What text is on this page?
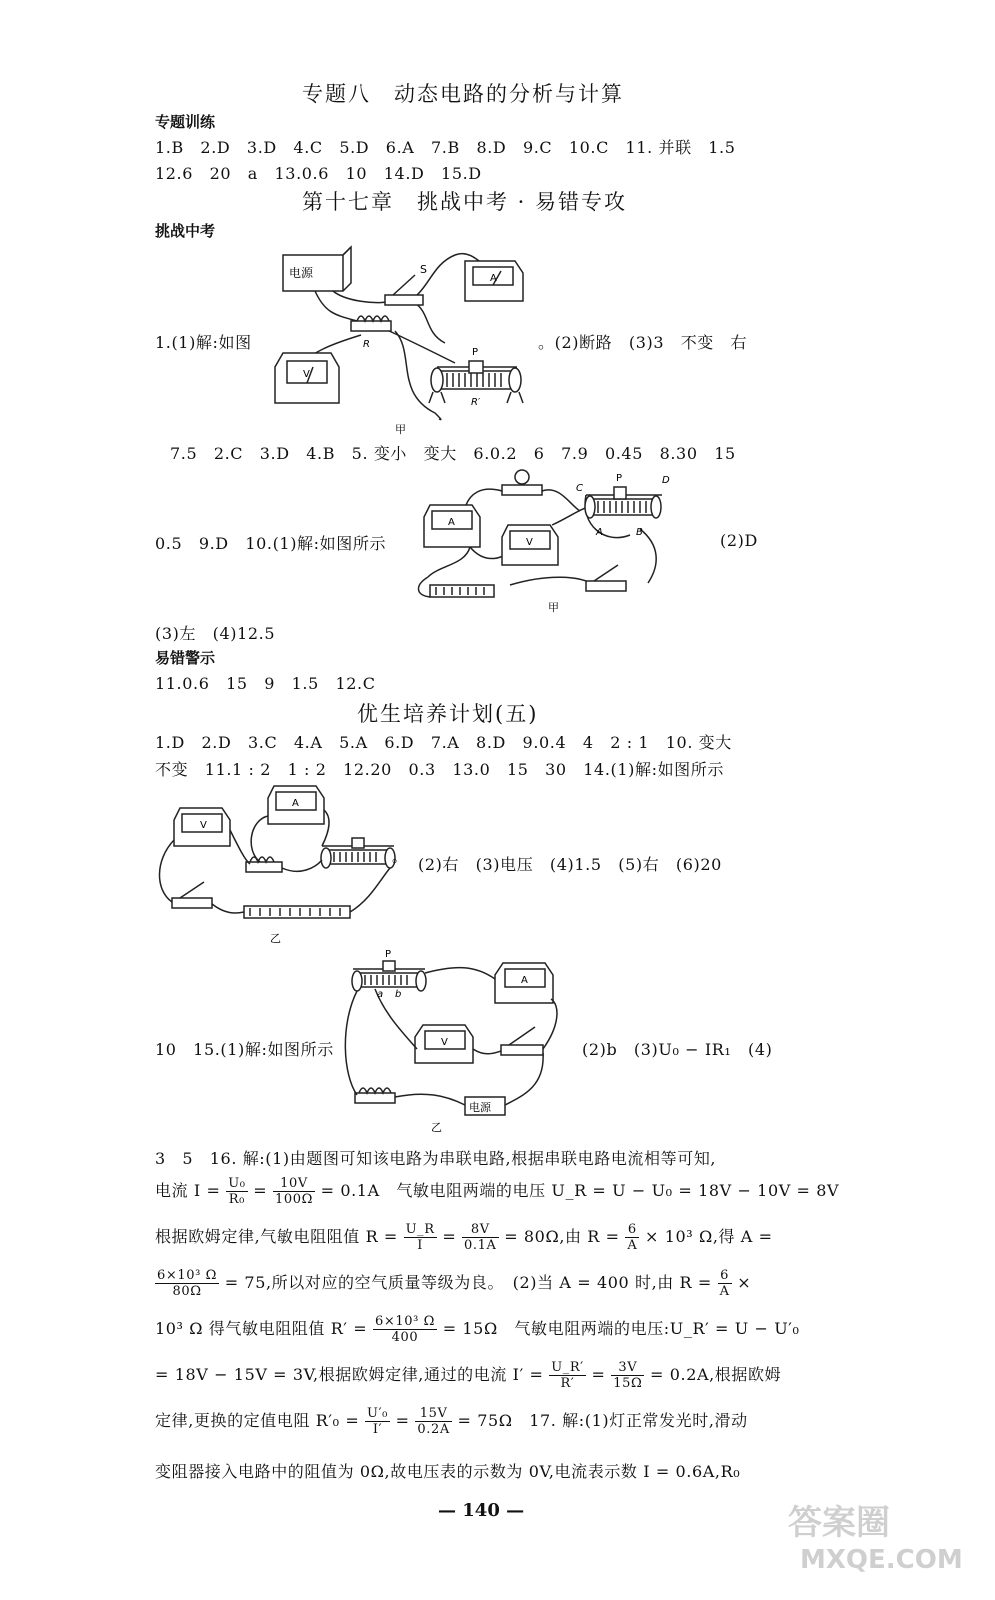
专题八　动态电路的分析与计算
专题训练
1.B　2.D　3.D　4.C　5.D　6.A　7.B　8.D　9.C　10.C　11. 并联　1.5
12.6　20　a　13.0.6　10　14.D　15.D
第十七章　挑战中考 · 易错专攻
挑战中考
1.(1)解:如图
电源	S
A
V
R
P
R′
甲
。(2)断路　(3)3　不变　右
7.5　2.C　3.D　4.B　5. 变小　变大　6.0.2　6　7.9　0.45　8.30　15
0.5　9.D　10.(1)解:如图所示
A
V
C
D
A	B
P
甲
(2)D
(3)左　(4)12.5
易错警示
11.0.6　15　9　1.5　12.C
优生培养计划(五)
1.D　2.D　3.C　4.A　5.A　6.D　7.A　8.D　9.0.4　4　2 : 1　10. 变大
不变　11.1 : 2　1 : 2　12.20　0.3　13.0　15　30　14.(1)解:如图所示
V
A
。
乙
(2)右　(3)电压　(4)1.5　(5)右　(6)20
10　15.(1)解:如图所示
P
a b
A
V
电源
乙
(2)b　(3)U₀ − IR₁　(4)
3　5　16. 解:(1)由题图可知该电路为串联电路,根据串联电路电流相等可知,
电流 $I = \frac{\text{U₀}}{\text{R₀}} = \frac{10V}{100\Omega} = 0.1A$　气敏电阻两端的电压 U_R = U − U₀ = 18V − 10V = 8V
根据欧姆定律,气敏电阻阻值 $R = \frac{U\_R}{I} = \frac{8V}{0.1A} = 80\Omega$,由 $R = \frac{6}{A} \times 10^3$ Ω,得 A =
$\frac{\text{6×10³ Ω}}{80\Omega} = 75$,所以对应的空气质量等级为良。　(2)当 A = 400 时,由 $R = \frac{6}{A}$ ×
10³ Ω 得气敏电阻阻值 $R' = \frac{\text{6×10³ Ω}}{400} = 15\Omega$　气敏电阻两端的电压:U_R′ = U − U′₀
= 18V − 15V = 3V,根据欧姆定律,通过的电流 $I' = \frac{U\_R'}{R'} = \frac{3V}{15\Omega} = 0.2A$,根据欧姆
定律,更换的定值电阻 $R'_0 = \frac{\text{U′₀}}{I'} = \frac{15V}{0.2A} = 75\Omega$　17. 解:(1)灯正常发光时,滑动
变阻器接入电路中的阻值为 0Ω,故电压表的示数为 0V,电流表示数 I = 0.6A,R₀
— 140 —	答案圈
MXQE.COM
